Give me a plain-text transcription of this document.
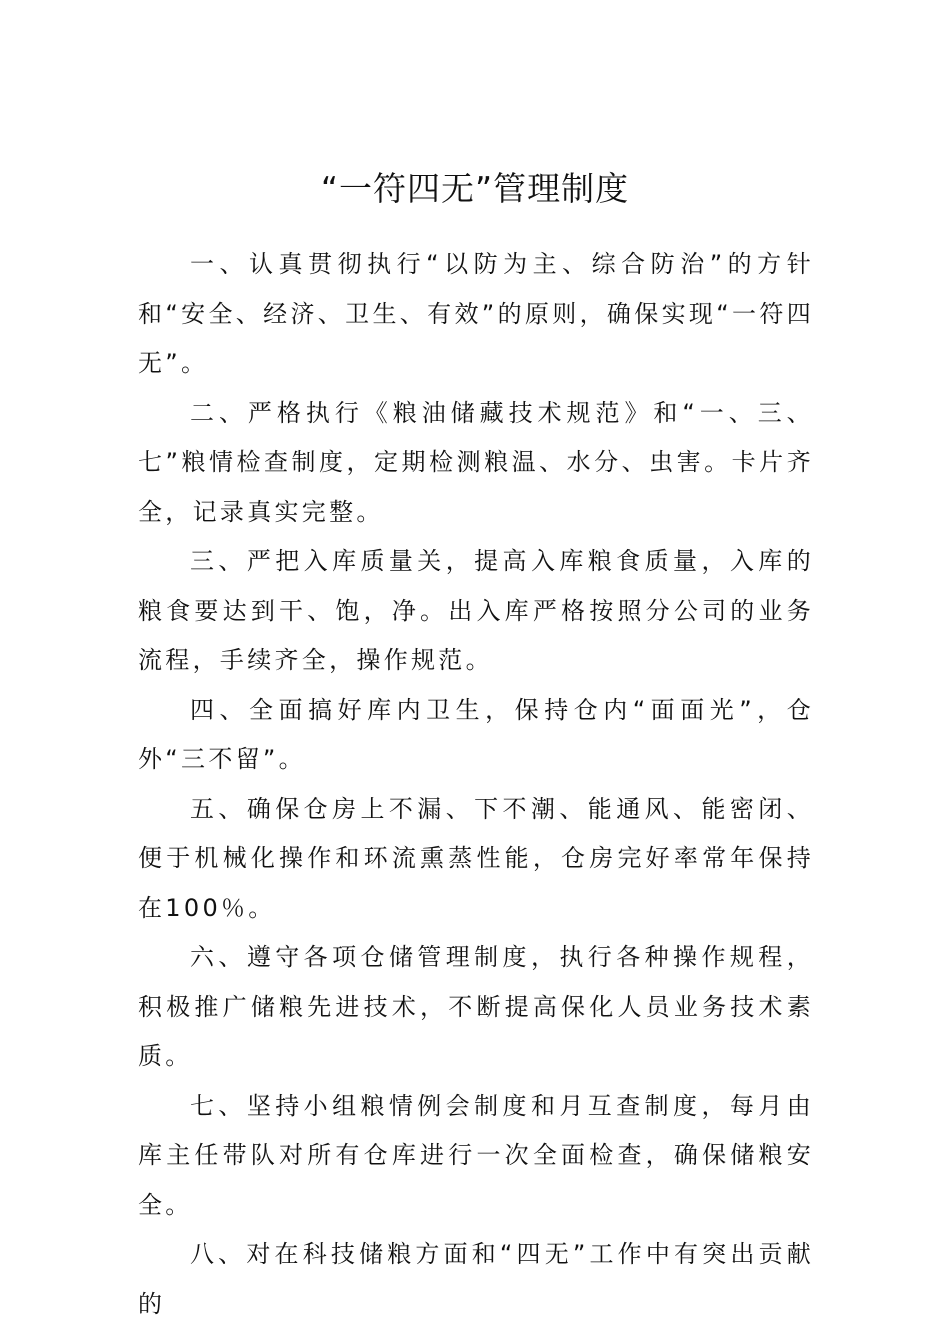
“一符四无”管理制度

一、认真贯彻执行“以防为主、综合防治”的方针和“安全、经济、卫生、有效”的原则，确保实现“一符四无”。

二、严格执行《粮油储藏技术规范》和“一、三、七”粮情检查制度，定期检测粮温、水分、虫害。卡片齐全，记录真实完整。

三、严把入库质量关，提高入库粮食质量，入库的粮食要达到干、饱，净。出入库严格按照分公司的业务流程，手续齐全，操作规范。

四、全面搞好库内卫生，保持仓内“面面光”，仓外“三不留”。

五、确保仓房上不漏、下不潮、能通风、能密闭、便于机械化操作和环流熏蒸性能，仓房完好率常年保持在100％。

六、遵守各项仓储管理制度，执行各种操作规程，积极推广储粮先进技术，不断提高保化人员业务技术素质。

七、坚持小组粮情例会制度和月互查制度，每月由库主任带队对所有仓库进行一次全面检查，确保储粮安全。

八、对在科技储粮方面和“四无”工作中有突出贡献的
